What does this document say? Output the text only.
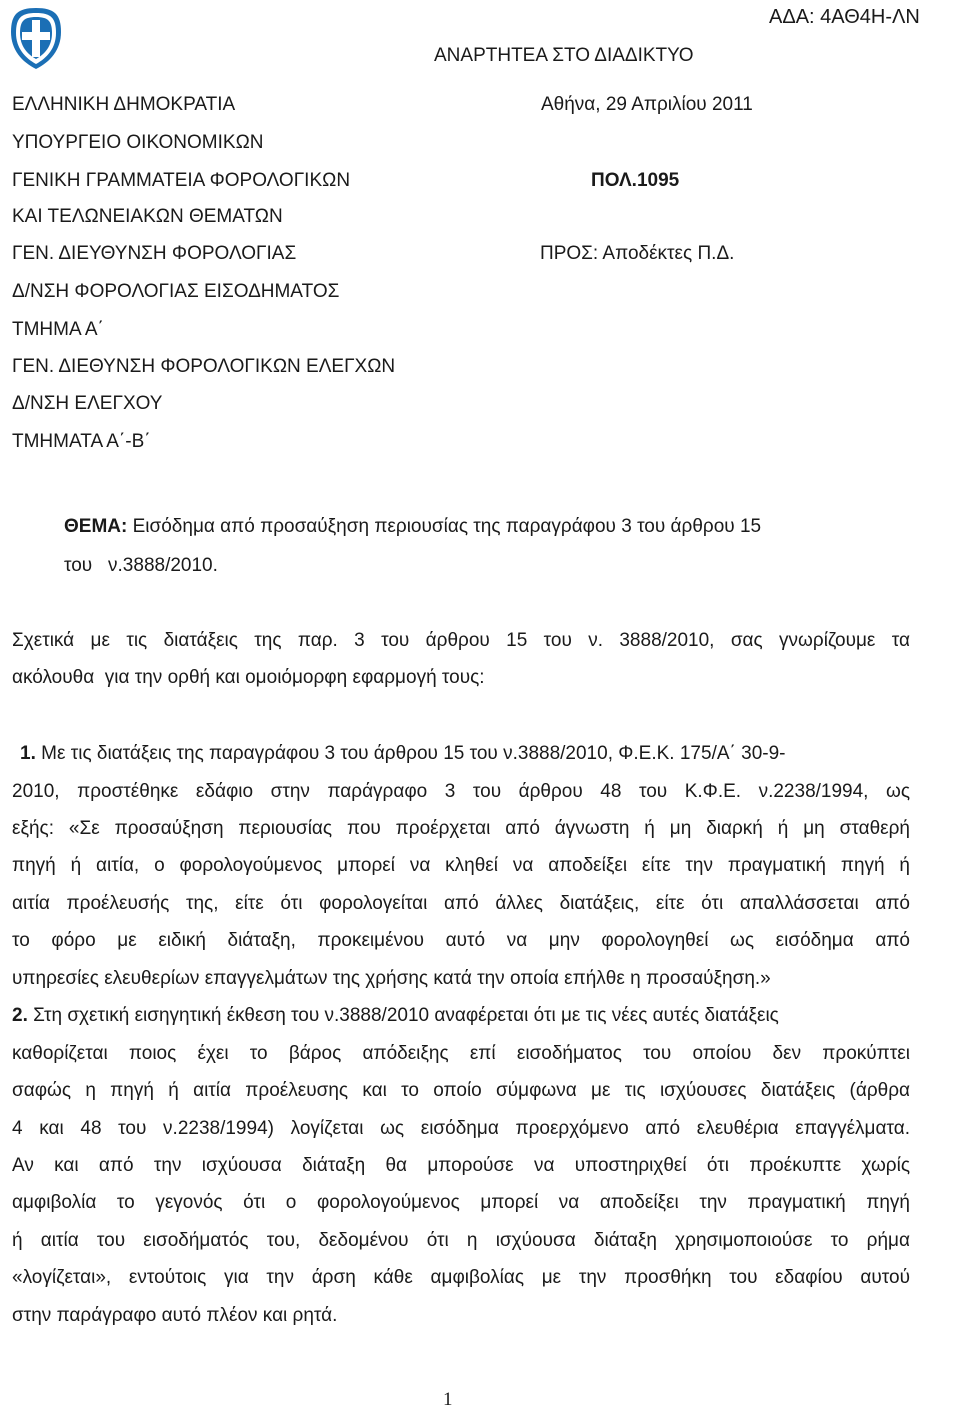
ΑΔΑ: 4ΑΘ4Η-ΛΝ
ΑΝΑΡΤΗΤΕΑ ΣΤΟ ΔΙΑΔΙΚΤΥΟ
Αθήνα, 29 Απριλίου 2011
ΠΟΛ.1095
ΠΡΟΣ: Αποδέκτες Π.Δ.
ΕΛΛΗΝΙΚΗ ΔΗΜΟΚΡΑΤΙΑ
ΥΠΟΥΡΓΕΙΟ ΟΙΚΟΝΟΜΙΚΩΝ
ΓΕΝΙΚΗ ΓΡΑΜΜΑΤΕΙΑ ΦΟΡΟΛΟΓΙΚΩΝ
ΚΑΙ ΤΕΛΩΝΕΙΑΚΩΝ ΘΕΜΑΤΩΝ
ΓΕΝ. ΔΙΕΥΘΥΝΣΗ ΦΟΡΟΛΟΓΙΑΣ
Δ/ΝΣΗ ΦΟΡΟΛΟΓΙΑΣ ΕΙΣΟΔΗΜΑΤΟΣ
ΤΜΗΜΑ Α΄
ΓΕΝ. ΔΙΕΘΥΝΣΗ ΦΟΡΟΛΟΓΙΚΩΝ ΕΛΕΓΧΩΝ
Δ/ΝΣΗ ΕΛΕΓΧΟΥ
ΤΜΗΜΑΤΑ Α΄-Β΄
ΘΕΜΑ: Εισόδημα από προσαύξηση περιουσίας της παραγράφου 3 του άρθρου 15
του   ν.3888/2010.
Σχετικά με τις διατάξεις της παρ. 3 του άρθρου 15 του ν. 3888/2010, σας γνωρίζουμε τα
ακόλουθα  για την ορθή και ομοιόμορφη εφαρμογή τους:
1. Με τις διατάξεις της παραγράφου 3 του άρθρου 15 του ν.3888/2010, Φ.Ε.Κ. 175/Α΄ 30-9-
2010, προστέθηκε εδάφιο στην παράγραφο 3 του άρθρου 48 του Κ.Φ.Ε. ν.2238/1994, ως
εξής: «Σε προσαύξηση περιουσίας που προέρχεται από άγνωστη ή μη διαρκή ή μη σταθερή
πηγή ή αιτία, ο φορολογούμενος μπορεί να κληθεί να αποδείξει είτε την πραγματική πηγή ή
αιτία προέλευσής της, είτε ότι φορολογείται από άλλες διατάξεις, είτε ότι απαλλάσσεται από
το φόρο με ειδική διάταξη, προκειμένου αυτό να μην φορολογηθεί ως εισόδημα από
υπηρεσίες ελευθερίων επαγγελμάτων της χρήσης κατά την οποία επήλθε η προσαύξηση.»
2. Στη σχετική εισηγητική έκθεση του ν.3888/2010 αναφέρεται ότι με τις νέες αυτές διατάξεις
καθορίζεται ποιος έχει το βάρος απόδειξης επί εισοδήματος του οποίου δεν προκύπτει
σαφώς η πηγή ή αιτία προέλευσης και το οποίο σύμφωνα με τις ισχύουσες διατάξεις (άρθρα
4 και 48 του ν.2238/1994) λογίζεται ως εισόδημα προερχόμενο από ελευθέρια επαγγέλματα.
Αν και από την ισχύουσα διάταξη θα μπορούσε να υποστηριχθεί ότι προέκυπτε χωρίς
αμφιβολία το γεγονός ότι ο φορολογούμενος μπορεί να αποδείξει την πραγματική πηγή
ή αιτία του εισοδήματός του, δεδομένου ότι η ισχύουσα διάταξη χρησιμοποιούσε το ρήμα
«λογίζεται», εντούτοις για την άρση κάθε αμφιβολίας με την προσθήκη του εδαφίου αυτού
στην παράγραφο αυτό πλέον και ρητά.
1
